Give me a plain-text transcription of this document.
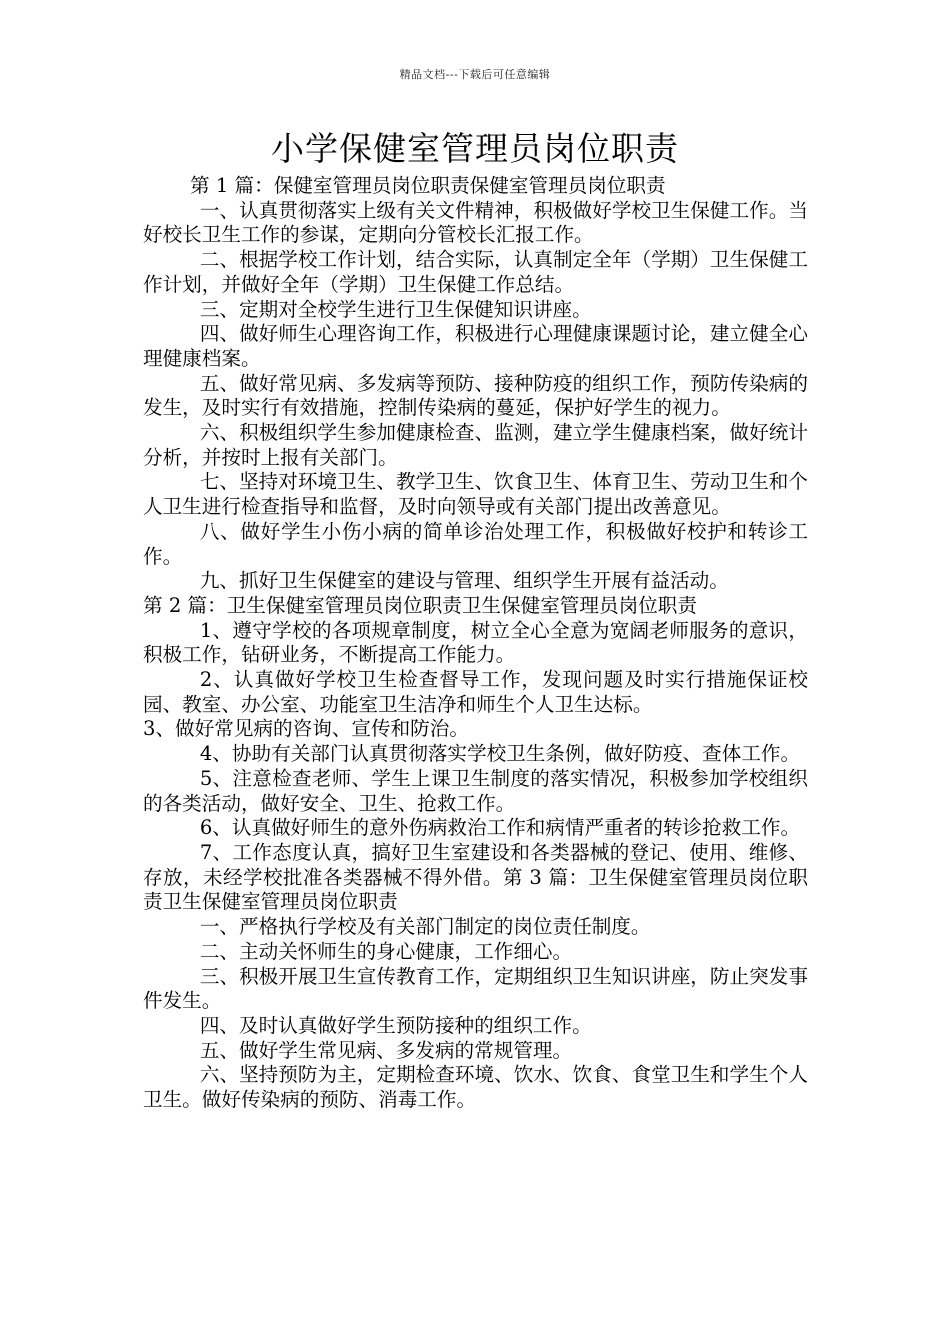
精品文档---下载后可任意编辑
小学保健室管理员岗位职责

第 1 篇：保健室管理员岗位职责保健室管理员岗位职责

一、认真贯彻落实上级有关文件精神，积极做好学校卫生保健工作。当好校长卫生工作的参谋，定期向分管校长汇报工作。

二、根据学校工作计划，结合实际，认真制定全年（学期）卫生保健工作计划，并做好全年（学期）卫生保健工作总结。

三、定期对全校学生进行卫生保健知识讲座。

四、做好师生心理咨询工作，积极进行心理健康课题讨论，建立健全心理健康档案。

五、做好常见病、多发病等预防、接种防疫的组织工作，预防传染病的发生，及时实行有效措施，控制传染病的蔓延，保护好学生的视力。

六、积极组织学生参加健康检查、监测，建立学生健康档案，做好统计分析，并按时上报有关部门。

七、坚持对环境卫生、教学卫生、饮食卫生、体育卫生、劳动卫生和个人卫生进行检查指导和监督，及时向领导或有关部门提出改善意见。

八、做好学生小伤小病的简单诊治处理工作，积极做好校护和转诊工作。

九、抓好卫生保健室的建设与管理、组织学生开展有益活动。

第 2 篇：卫生保健室管理员岗位职责卫生保健室管理员岗位职责

1、遵守学校的各项规章制度，树立全心全意为宽阔老师服务的意识，积极工作，钻研业务，不断提高工作能力。

2、认真做好学校卫生检查督导工作，发现问题及时实行措施保证校园、教室、办公室、功能室卫生洁净和师生个人卫生达标。

3、做好常见病的咨询、宣传和防治。

4、协助有关部门认真贯彻落实学校卫生条例，做好防疫、查体工作。

5、注意检查老师、学生上课卫生制度的落实情况，积极参加学校组织的各类活动，做好安全、卫生、抢救工作。

6、认真做好师生的意外伤病救治工作和病情严重者的转诊抢救工作。

7、工作态度认真，搞好卫生室建设和各类器械的登记、使用、维修、存放，未经学校批准各类器械不得外借。第 3 篇：卫生保健室管理员岗位职责卫生保健室管理员岗位职责

一、严格执行学校及有关部门制定的岗位责任制度。

二、主动关怀师生的身心健康，工作细心。

三、积极开展卫生宣传教育工作，定期组织卫生知识讲座，防止突发事件发生。

四、及时认真做好学生预防接种的组织工作。

五、做好学生常见病、多发病的常规管理。

六、坚持预防为主，定期检查环境、饮水、饮食、食堂卫生和学生个人卫生。做好传染病的预防、消毒工作。
